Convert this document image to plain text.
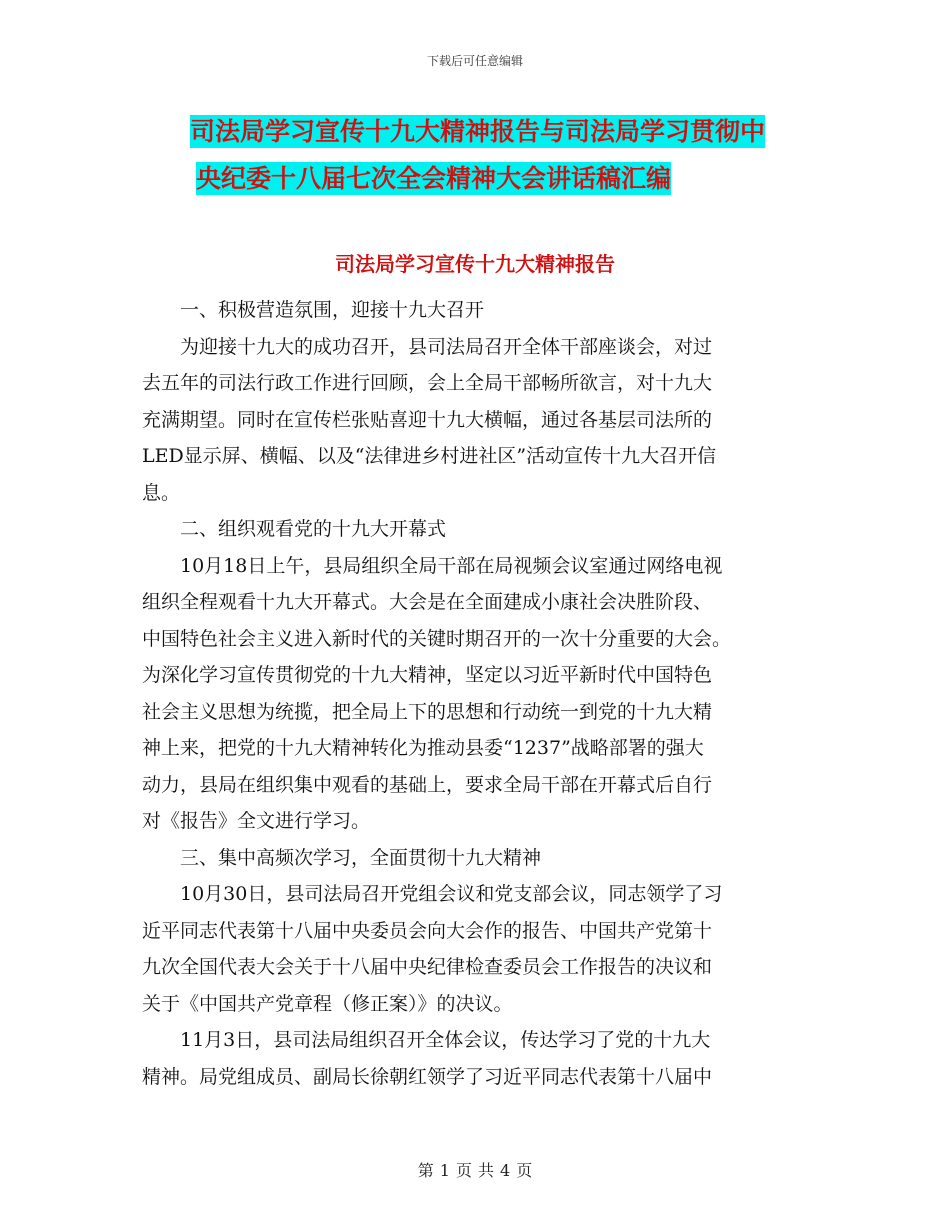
下载后可任意编辑
司法局学习宣传十九大精神报告与司法局学习贯彻中
央纪委十八届七次全会精神大会讲话稿汇编
司法局学习宣传十九大精神报告

一、积极营造氛围，迎接十九大召开

为迎接十九大的成功召开，县司法局召开全体干部座谈会，对过
去五年的司法行政工作进行回顾，会上全局干部畅所欲言，对十九大
充满期望。同时在宣传栏张贴喜迎十九大横幅，通过各基层司法所的
LED显示屏、横幅、以及“法律进乡村进社区”活动宣传十九大召开信
息。

二、组织观看党的十九大开幕式

10月18日上午，县局组织全局干部在局视频会议室通过网络电视
组织全程观看十九大开幕式。大会是在全面建成小康社会决胜阶段、
中国特色社会主义进入新时代的关键时期召开的一次十分重要的大会。
为深化学习宣传贯彻党的十九大精神，坚定以习近平新时代中国特色
社会主义思想为统揽，把全局上下的思想和行动统一到党的十九大精
神上来，把党的十九大精神转化为推动县委“1237”战略部署的强大
动力，县局在组织集中观看的基础上，要求全局干部在开幕式后自行
对《报告》全文进行学习。

三、集中高频次学习，全面贯彻十九大精神

10月30日，县司法局召开党组会议和党支部会议，同志领学了习
近平同志代表第十八届中央委员会向大会作的报告、中国共产党第十
九次全国代表大会关于十八届中央纪律检查委员会工作报告的决议和
关于《中国共产党章程（修正案）》的决议。

11月3日，县司法局组织召开全体会议，传达学习了党的十九大
精神。局党组成员、副局长徐朝红领学了习近平同志代表第十八届中

第 1 页 共 4 页
